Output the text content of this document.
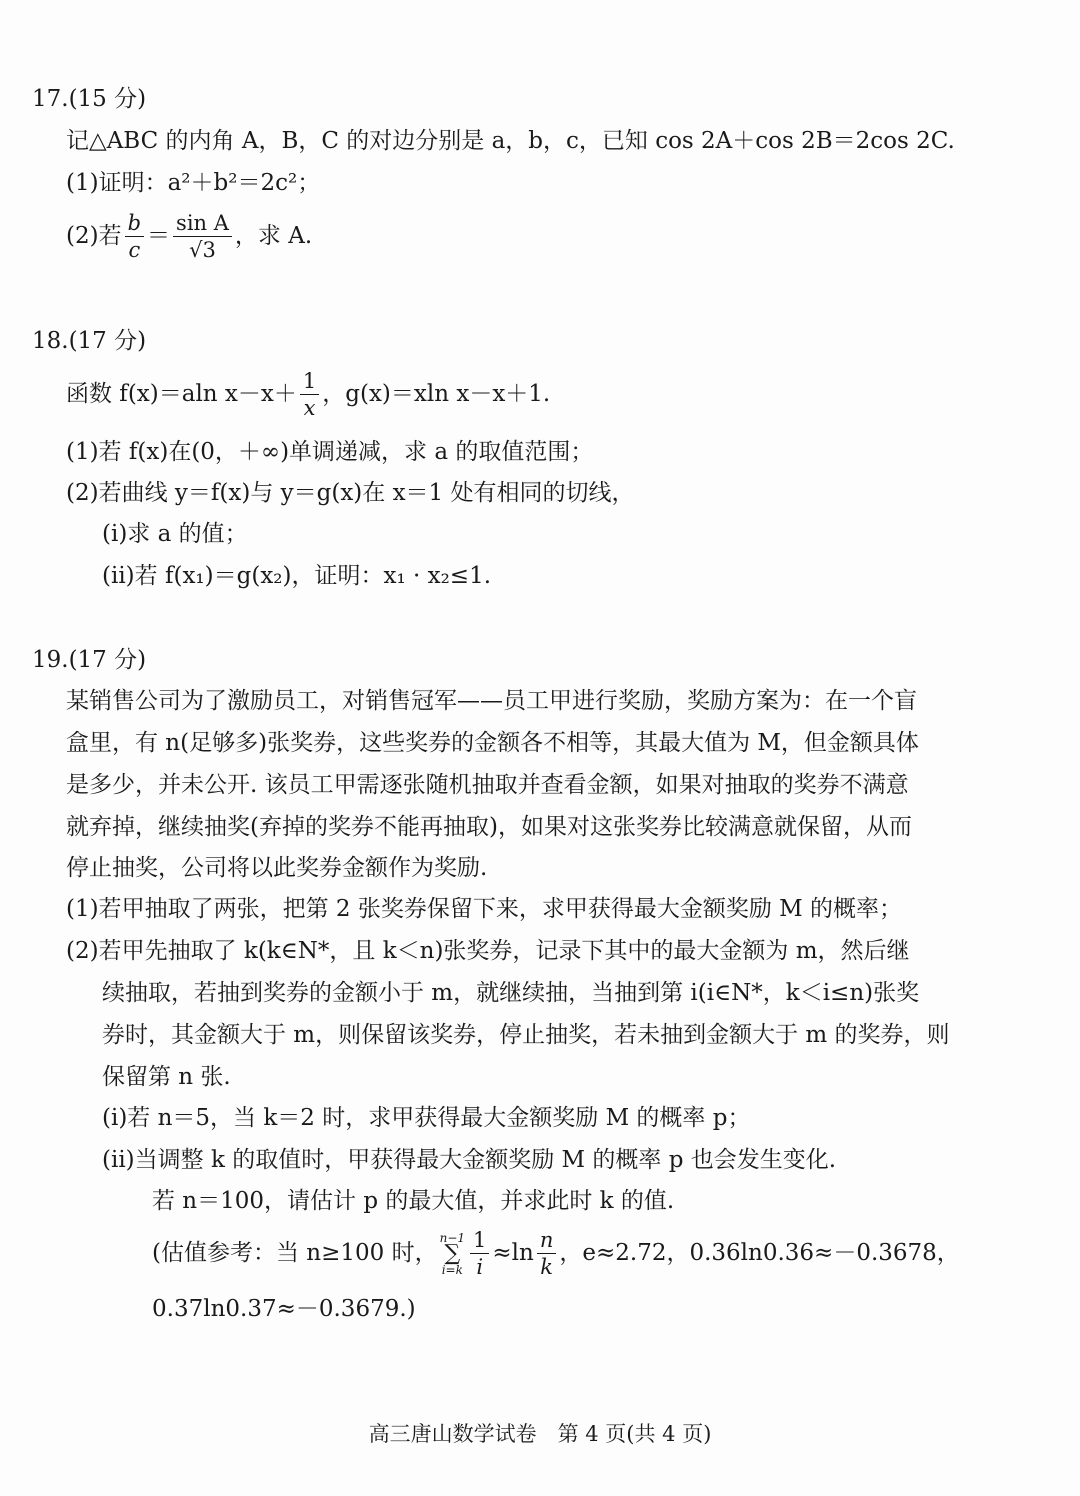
17.(15 分)
记△ABC 的内角 A，B，C 的对边分别是 a，b，c，已知 cos 2A＋cos 2B＝2cos 2C.
(1)证明：a²＋b²＝2c²；
(2)若 $\frac{b}{c} = \frac{\text{sin A}}{√3}$ ，求 A.
18.(17 分)
函数 f(x)＝aln $x-x+ \frac{1}{x}$ ，g(x)＝xln x－x＋1.
(1)若 f(x)在(0，＋∞)单调递减，求 a 的取值范围；
(2)若曲线 y＝f(x)与 y＝g(x)在 x＝1 处有相同的切线，
(ⅰ)求 a 的值；
(ⅱ)若 f(x₁)＝g(x₂)，证明：x₁ · x₂≤1.
19.(17 分)
某销售公司为了激励员工，对销售冠军——员工甲进行奖励，奖励方案为：在一个盲
盒里，有 n(足够多)张奖券，这些奖券的金额各不相等，其最大值为 M，但金额具体
是多少，并未公开. 该员工甲需逐张随机抽取并查看金额，如果对抽取的奖券不满意
就弃掉，继续抽奖(弃掉的奖券不能再抽取)，如果对这张奖券比较满意就保留，从而
停止抽奖，公司将以此奖券金额作为奖励.
(1)若甲抽取了两张，把第 2 张奖券保留下来，求甲获得最大金额奖励 M 的概率；
(2)若甲先抽取了 k(k∈N*，且 k＜n)张奖券，记录下其中的最大金额为 m，然后继
续抽取，若抽到奖券的金额小于 m，就继续抽，当抽到第 i(i∈N*，k＜i≤n)张奖
券时，其金额大于 m，则保留该奖券，停止抽奖，若未抽到金额大于 m 的奖券，则
保留第 n 张.
(ⅰ)若 n＝5，当 k＝2 时，求甲获得最大金额奖励 M 的概率 p；
(ⅱ)当调整 k 的取值时，甲获得最大金额奖励 M 的概率 p 也会发生变化.
若 n＝100，请估计 p 的最大值，并求此时 k 的值.
(估值参考：当 n≥100 时，n−1
∑
$i=k \frac{1}{i} \approx\ln \frac{n}{k}$ ，e≈2.72，0.36ln0.36≈－0.3678，
0.37ln0.37≈－0.3679.)
高三唐山数学试卷　第 4 页(共 4 页)
